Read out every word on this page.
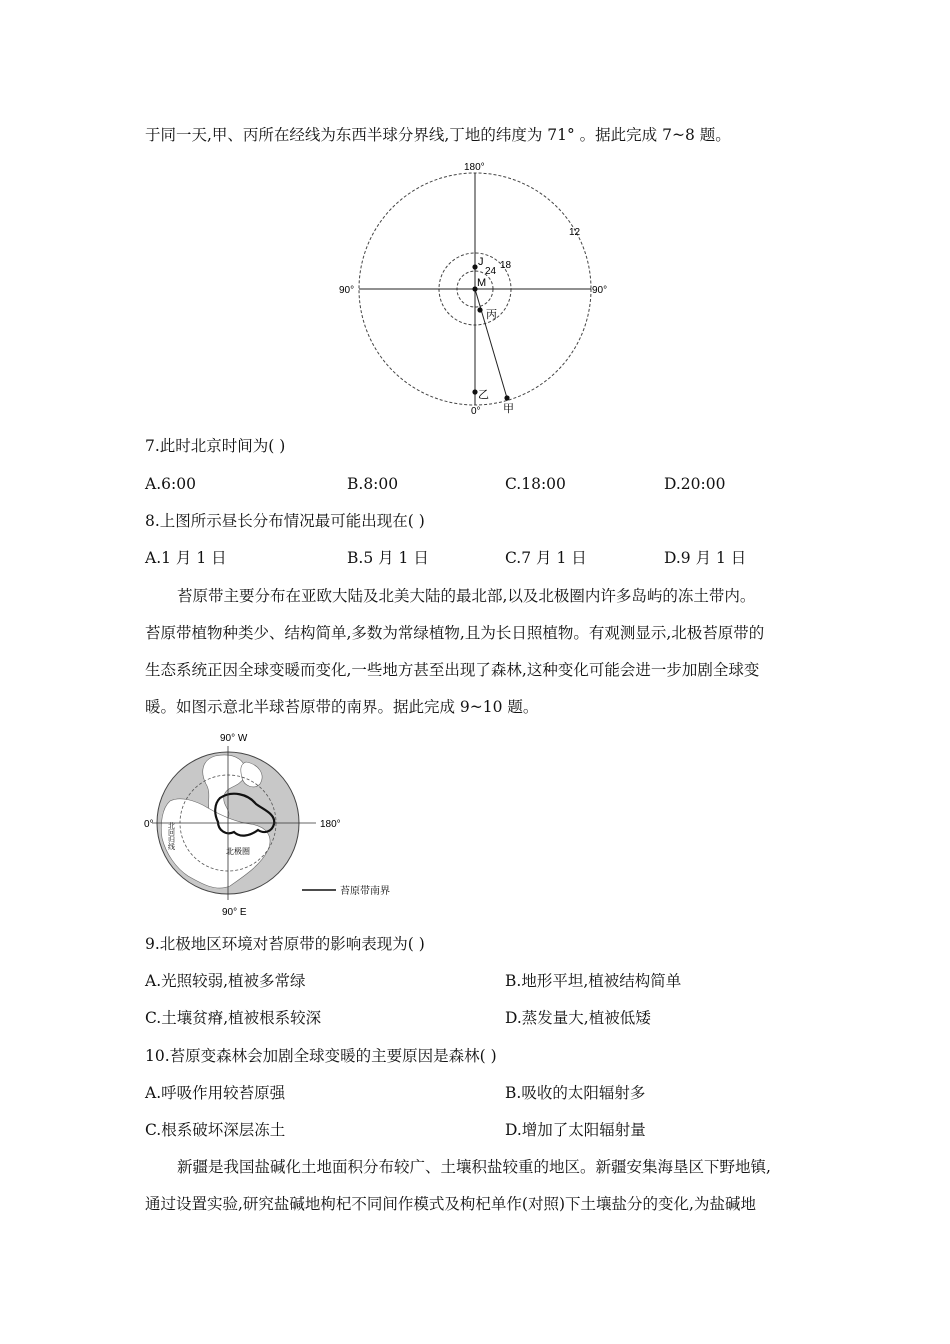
于同一天,甲、丙所在经线为东西半球分界线,丁地的纬度为 71° 。据此完成 7~8 题。
180°
0°
90°	90°
12
18
24
J
M
丙
乙
甲
7.此时北京时间为( )
A.6:00	B.8:00	C.18:00	D.20:00
8.上图所示昼长分布情况最可能出现在( )
A.1 月 1 日	B.5 月 1 日	C.7 月 1 日	D.9 月 1 日
苔原带主要分布在亚欧大陆及北美大陆的最北部,以及北极圈内许多岛屿的冻土带内。
苔原带植物种类少、结构简单,多数为常绿植物,且为长日照植物。有观测显示,北极苔原带的
生态系统正因全球变暖而变化,一些地方甚至出现了森林,这种变化可能会进一步加剧全球变
暖。如图示意北半球苔原带的南界。据此完成 9~10 题。
90° W
90° E
0°	180°
北极圈
北回归线
苔原带南界
9.北极地区环境对苔原带的影响表现为( )
A.光照较弱,植被多常绿	B.地形平坦,植被结构简单
C.土壤贫瘠,植被根系较深	D.蒸发量大,植被低矮
10.苔原变森林会加剧全球变暖的主要原因是森林( )
A.呼吸作用较苔原强	B.吸收的太阳辐射多
C.根系破坏深层冻土	D.增加了太阳辐射量
新疆是我国盐碱化土地面积分布较广、土壤积盐较重的地区。新疆安集海垦区下野地镇,
通过设置实验,研究盐碱地枸杞不同间作模式及枸杞单作(对照)下土壤盐分的变化,为盐碱地
